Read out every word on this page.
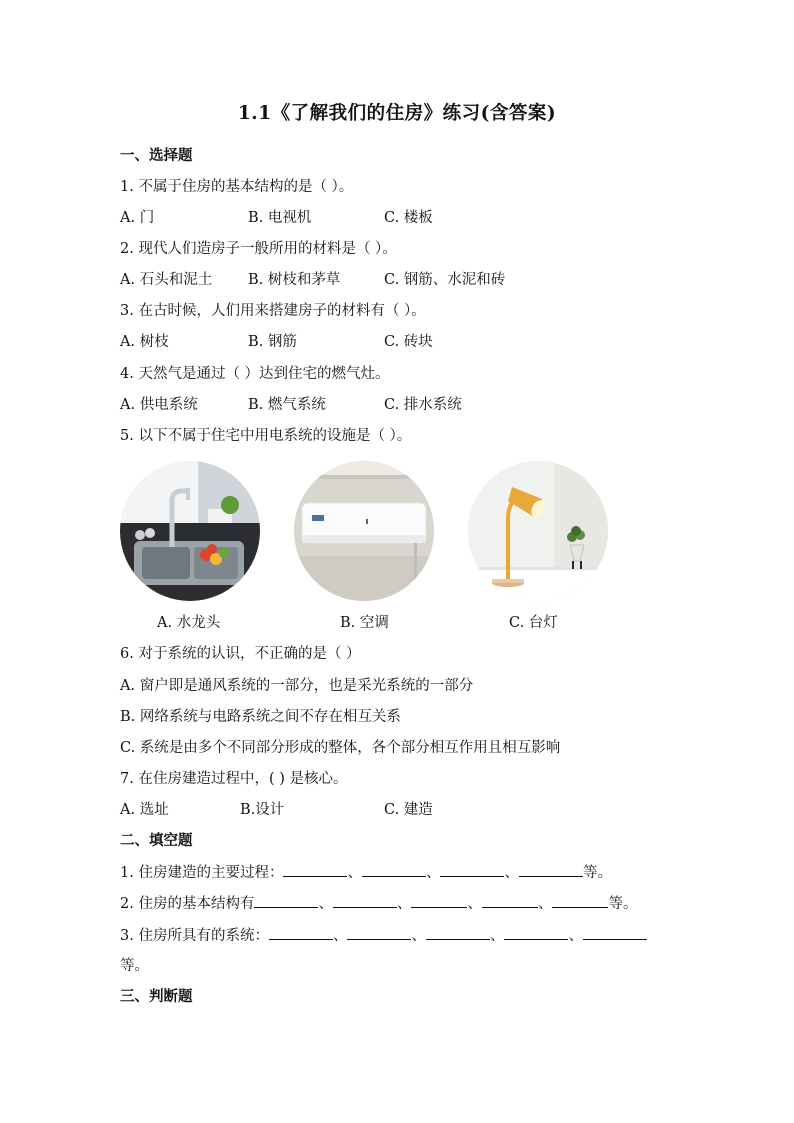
1.1《了解我们的住房》练习(含答案)
一、选择题
1. 不属于住房的基本结构的是（ ）。
A. 门	B. 电视机	C. 楼板
2. 现代人们造房子一般所用的材料是（ ）。
A. 石头和泥土 B. 树枝和茅草	C. 钢筋、水泥和砖
3. 在古时候，人们用来搭建房子的材料有（ ）。
A. 树枝	B. 钢筋	C. 砖块
4. 天然气是通过（ ）达到住宅的燃气灶。
A. 供电系统	B. 燃气系统	C. 排水系统
5. 以下不属于住宅中用电系统的设施是（ ）。
A. 水龙头	B. 空调	C. 台灯
6. 对于系统的认识，不正确的是（ ）
A. 窗户即是通风系统的一部分，也是采光系统的一部分
B. 网络系统与电路系统之间不存在相互关系
C. 系统是由多个不同部分形成的整体，各个部分相互作用且相互影响
7. 在住房建造过程中，( ) 是核心。
A. 选址	B.设计	C. 建造
二、填空题
1. 住房建造的主要过程：	、	、	、	等。
2. 住房的基本结构有	、	、	、	、	等。
3. 住房所具有的系统：	、	、	、	、
等。
三、判断题
